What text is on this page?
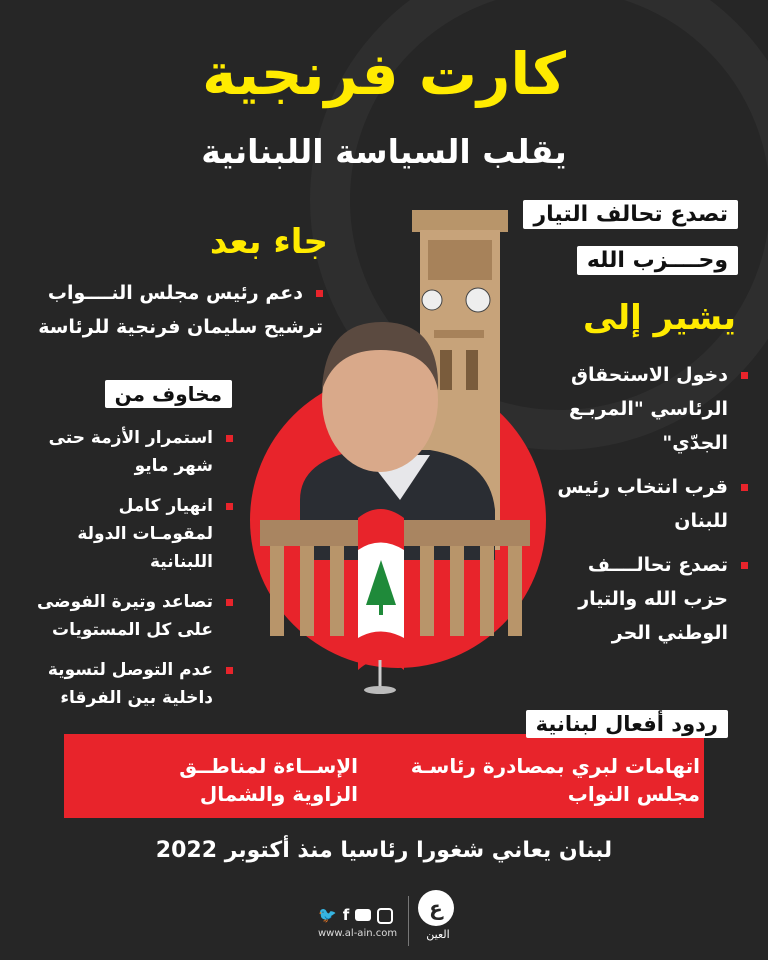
كارت فرنجية
يقلب السياسة اللبنانية
تصدع تحالف التيار
وحــــزب الله
جاء بعد
دعم رئيس مجلس النــــواب
ترشيح سليمان فرنجية للرئاسة	يشير إلى
دخول الاستحقاق الرئاسي "المربـع الجدّي"
قرب انتخاب رئيس للبنان
تصدع تحالــــف حزب الله والتيار الوطني الحر
مخاوف من
استمرار الأزمة حتى شهر مايو
انهيار كامل لمقومـات الدولة اللبنانية
تصاعد وتيرة الفوضى على كل المستويات
عدم التوصل لتسوية داخلية بين الفرقاء
ردود أفعال لبنانية
اتهامات لبري بمصادرة رئاسـة مجلس النواب
الإســاءة لمناطــق الزاوية والشمال
لبنان يعاني شغورا رئاسيا منذ أكتوبر 2022
🐦 f
www.al-ain.com
ع
العين
